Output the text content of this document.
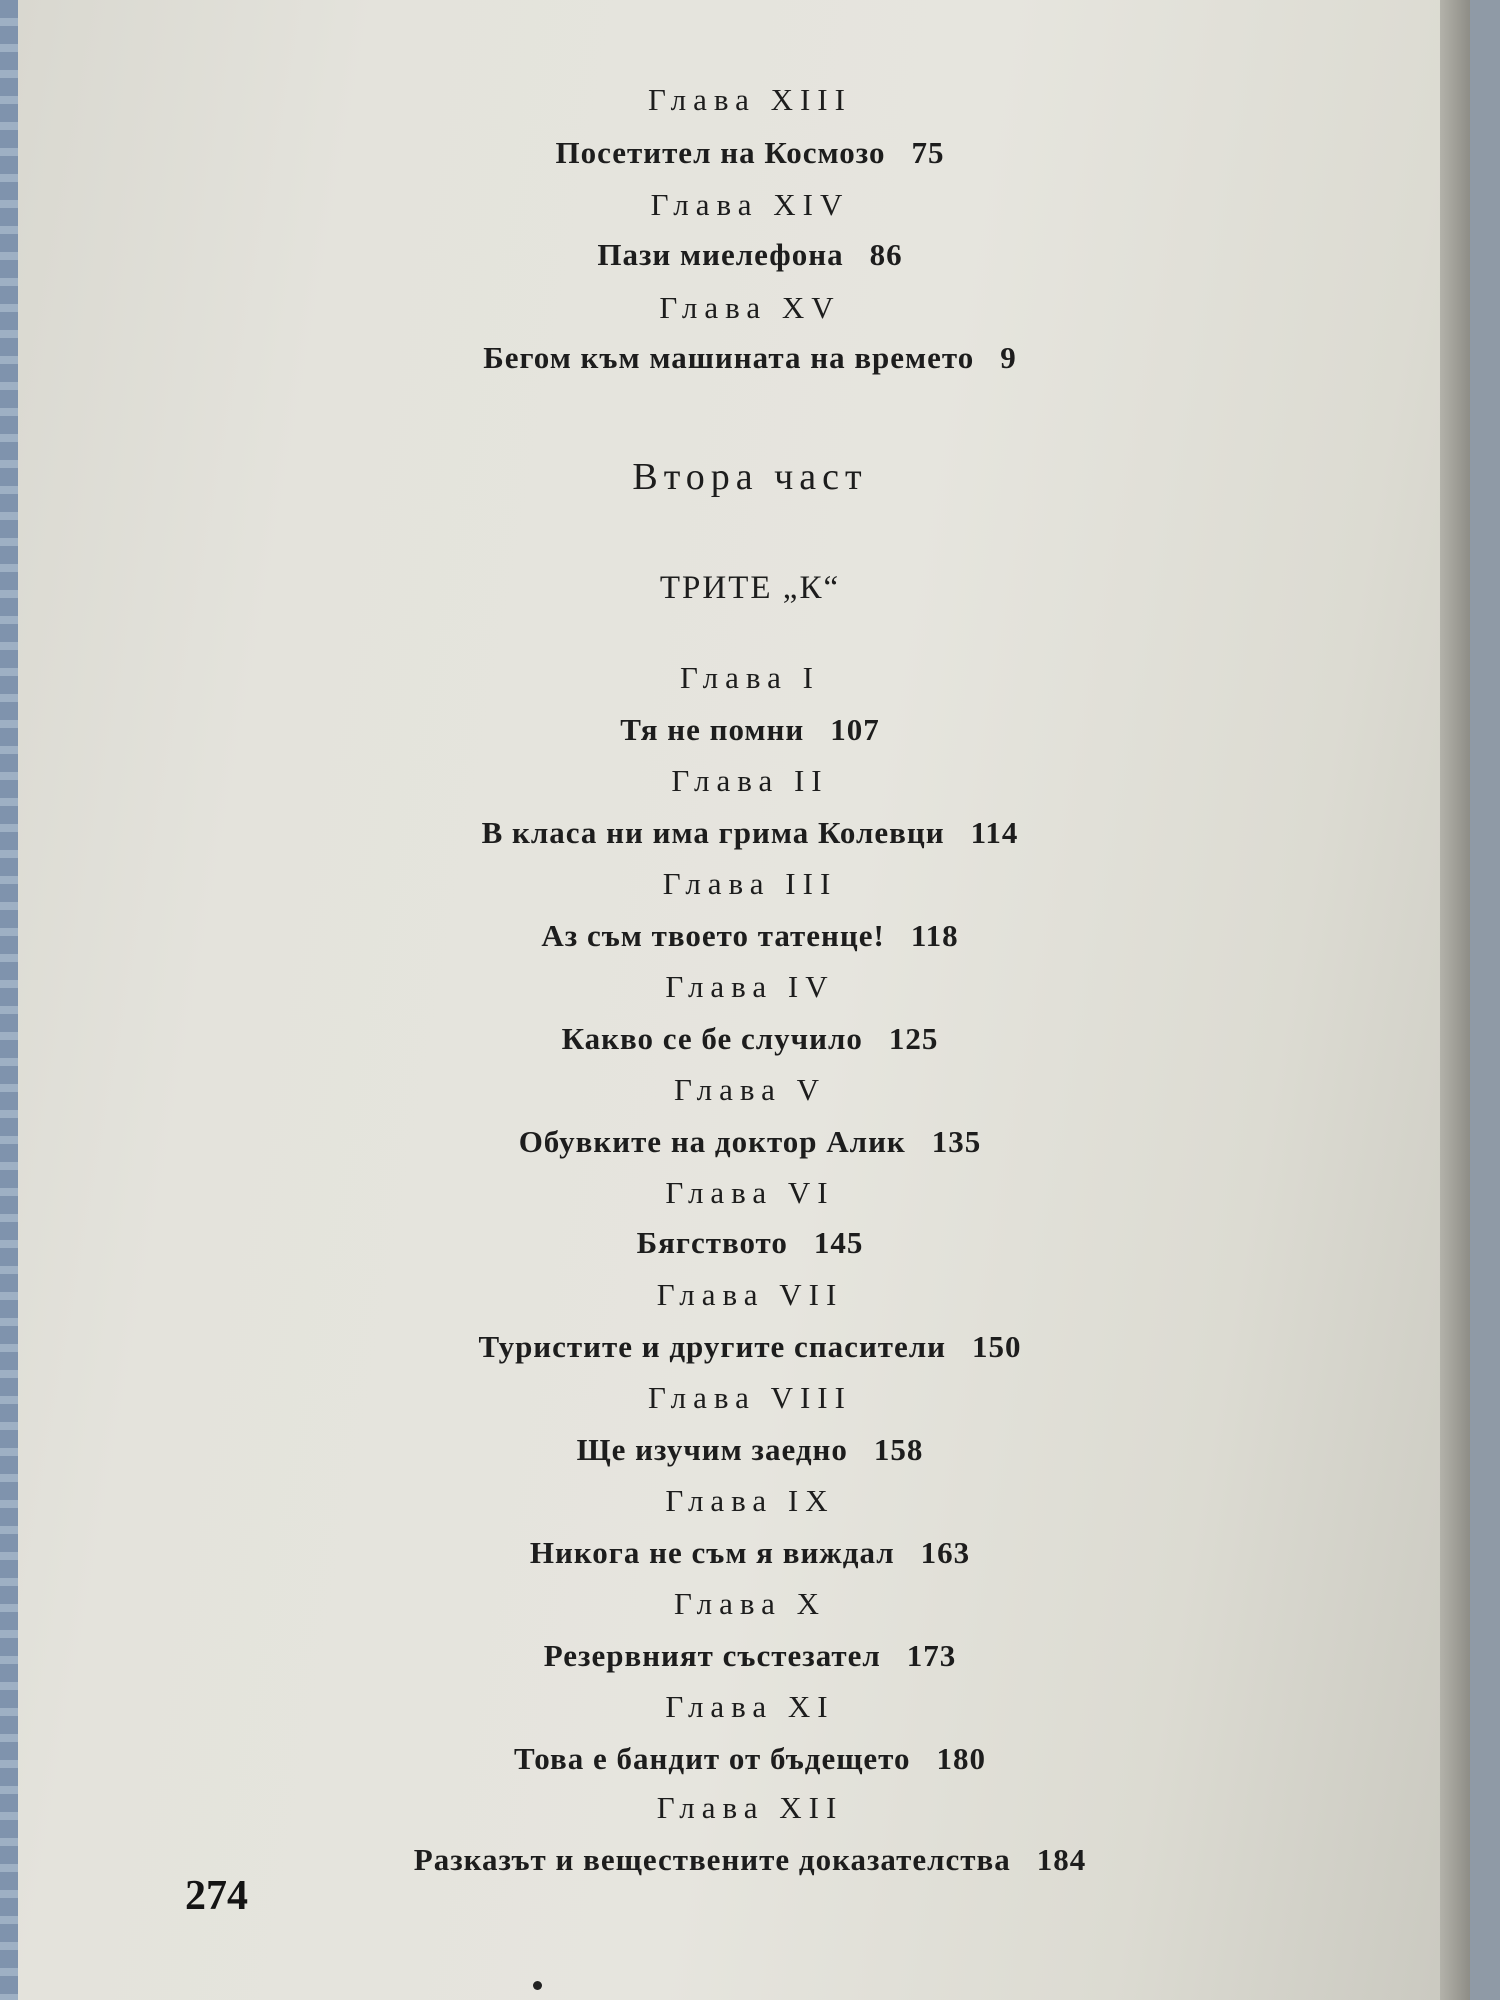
Глава XIII
Посетител на Космозо 75
Глава XIV
Пази миелефона 86
Глава XV
Бегом към машината на времето 9
Втора част
ТРИТЕ „К“
Глава I
Тя не помни 107
Глава II
В класа ни има грима Колевци 114
Глава III
Аз съм твоето татенце! 118
Глава IV
Какво се бе случило 125
Глава V
Обувките на доктор Алик 135
Глава VI
Бягството 145
Глава VII
Туристите и другите спасители 150
Глава VIII
Ще изучим заедно 158
Глава IX
Никога не съм я виждал 163
Глава X
Резервният състезател 173
Глава XI
Това е бандит от бъдещето 180
Глава XII
Разказът и веществените доказателства 184
274
